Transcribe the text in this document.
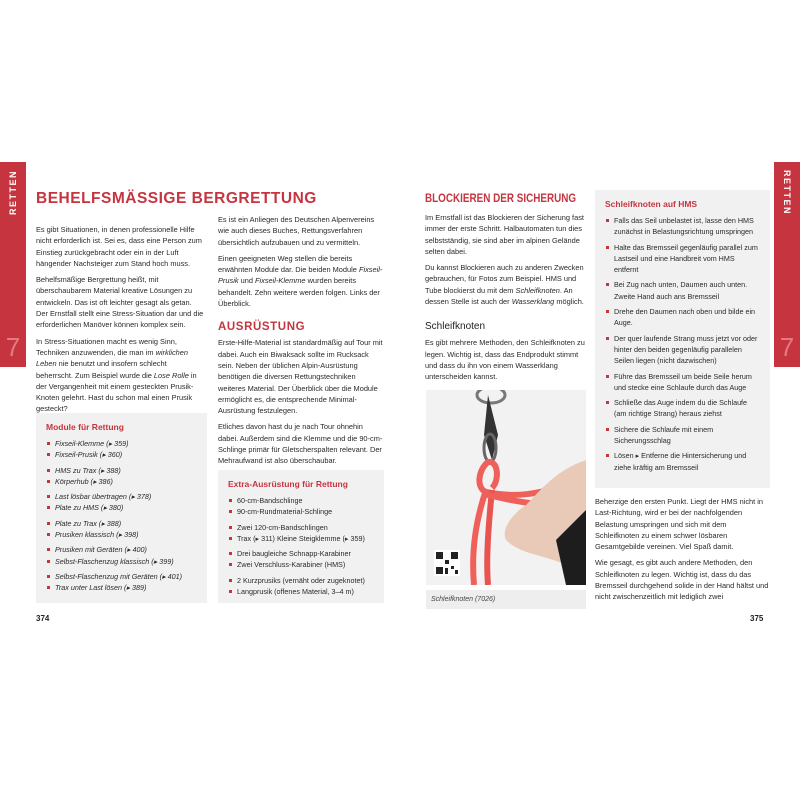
RETTEN
7
RETTEN
7
BEHELFSMÄSSIGE BERGRETTUNG

Es gibt Situationen, in denen professionelle Hilfe nicht erforderlich ist. Sei es, dass eine Person zum Einstieg zurückgebracht oder ein in der Luft hängender Nachsteiger zum Stand hoch muss.

Behelfsmäßige Bergrettung heißt, mit überschaubarem Material kreative Lösungen zu entwickeln. Das ist oft leichter gesagt als getan. Der Ernstfall stellt eine Stress-Situation dar und die erforderlichen Manöver können komplex sein.

In Stress-Situationen macht es wenig Sinn, Techniken anzuwenden, die man im wirklichen Leben nie benutzt und insofern schlecht beherrscht. Zum Beispiel wurde die Lose Rolle in der Vergangenheit mit einem gesteckten Prusik-Knoten gelehrt. Hast du schon mal einen Prusik gesteckt?

Module für Rettung
Fixseil-Klemme (▸ 359)
Fixseil-Prusik (▸ 360)
HMS zu Trax (▸ 388)
Körperhub (▸ 386)
Last lösbar übertragen (▸ 378)
Plate zu HMS (▸ 380)
Plate zu Trax (▸ 388)
Prusiken klassisch (▸ 398)
Prusiken mit Geräten (▸ 400)
Selbst-Flaschenzug klassisch (▸ 399)
Selbst-Flaschenzug mit Geräten (▸ 401)
Trax unter Last lösen (▸ 389)
374

Es ist ein Anliegen des Deutschen Alpenvereins wie auch dieses Buches, Rettungsverfahren übersichtlich aufzubauen und zu vermitteln.

Einen geeigneten Weg stellen die bereits erwähnten Module dar. Die beiden Module Fixseil-Prusik und Fixseil-Klemme wurden bereits behandelt. Zehn weitere werden folgen. Links der Überblick.

AUSRÜSTUNG

Erste-Hilfe-Material ist standardmäßig auf Tour mit dabei. Auch ein Biwaksack sollte im Rucksack sein. Neben der üblichen Alpin-Ausrüstung benötigen die diversen Rettungstechniken weiteres Material. Der Überblick über die Module ermöglicht es, die entsprechende Minimal-Ausrüstung festzulegen.

Etliches davon hast du je nach Tour ohnehin dabei. Außerdem sind die Klemme und die 90-cm-Schlinge primär für Gletscherspalten relevant. Der Mehraufwand ist also überschaubar.

Extra-Ausrüstung für Rettung
60-cm-Bandschlinge
90-cm-Rundmaterial-Schlinge
Zwei 120-cm-Bandschlingen
Trax (▸ 311) Kleine Steigklemme (▸ 359)
Drei baugleiche Schnapp-Karabiner
Zwei Verschluss-Karabiner (HMS)
2 Kurzprusiks (vernäht oder zugeknotet)
Langprusik (offenes Material, 3–4 m)
BLOCKIEREN DER SICHERUNG

Im Ernstfall ist das Blockieren der Sicherung fast immer der erste Schritt. Halbautomaten tun dies selbstständig, sie sind aber im alpinen Gelände selten dabei.

Du kannst Blockieren auch zu anderen Zwecken gebrauchen, für Fotos zum Beispiel. HMS und Tube blockierst du mit dem Schleifknoten. An dessen Stelle ist auch der Wasserklang möglich.

Schleifknoten

Es gibt mehrere Methoden, den Schleifknoten zu legen. Wichtig ist, dass das Endprodukt stimmt und dass du ihn von einem Wasserklang unterscheiden kannst.

Schleifknoten (7026)
Schleifknoten auf HMS
Falls das Seil unbelastet ist, lasse den HMS zunächst in Belastungsrichtung umspringen
Halte das Bremsseil gegenläufig parallel zum Lastseil und eine Handbreit vom HMS entfernt
Bei Zug nach unten, Daumen auch unten. Zweite Hand auch ans Bremsseil
Drehe den Daumen nach oben und bilde ein Auge.
Der quer laufende Strang muss jetzt vor oder hinter den beiden gegenläufig parallelen Seilen liegen (nicht dazwischen)
Führe das Bremsseil um beide Seile herum und stecke eine Schlaufe durch das Auge
Schließe das Auge indem du die Schlaufe (am richtige Strang) heraus ziehst
Sichere die Schlaufe mit einem Sicherungsschlag
Lösen ▸ Entferne die Hintersicherung und ziehe kräftig am Bremsseil

Beherzige den ersten Punkt. Liegt der HMS nicht in Last-Richtung, wird er bei der nachfolgenden Belastung umspringen und sich mit dem Schleifknoten zu einem schwer lösbaren Gesamtgebilde vereinen. Viel Spaß damit.

Wie gesagt, es gibt auch andere Methoden, den Schleifknoten zu legen. Wichtig ist, dass du das Bremsseil durchgehend solide in der Hand hältst und nicht zwischenzeitlich mit lediglich zwei

375
